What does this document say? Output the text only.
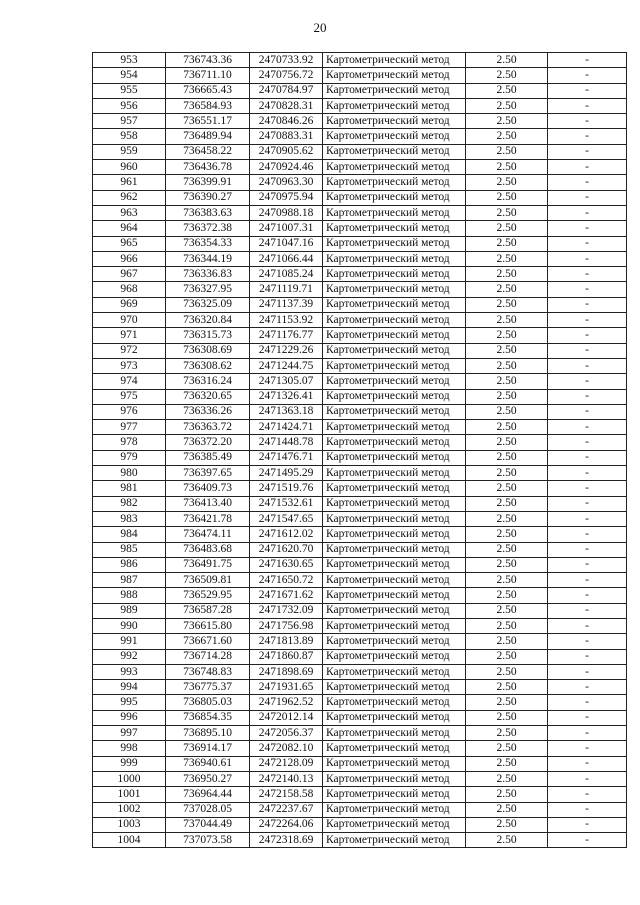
20
953	736743.36	2470733.92	Картометрический метод	2.50	-
954	736711.10	2470756.72	Картометрический метод	2.50	-
955	736665.43	2470784.97	Картометрический метод	2.50	-
956	736584.93	2470828.31	Картометрический метод	2.50	-
957	736551.17	2470846.26	Картометрический метод	2.50	-
958	736489.94	2470883.31	Картометрический метод	2.50	-
959	736458.22	2470905.62	Картометрический метод	2.50	-
960	736436.78	2470924.46	Картометрический метод	2.50	-
961	736399.91	2470963.30	Картометрический метод	2.50	-
962	736390.27	2470975.94	Картометрический метод	2.50	-
963	736383.63	2470988.18	Картометрический метод	2.50	-
964	736372.38	2471007.31	Картометрический метод	2.50	-
965	736354.33	2471047.16	Картометрический метод	2.50	-
966	736344.19	2471066.44	Картометрический метод	2.50	-
967	736336.83	2471085.24	Картометрический метод	2.50	-
968	736327.95	2471119.71	Картометрический метод	2.50	-
969	736325.09	2471137.39	Картометрический метод	2.50	-
970	736320.84	2471153.92	Картометрический метод	2.50	-
971	736315.73	2471176.77	Картометрический метод	2.50	-
972	736308.69	2471229.26	Картометрический метод	2.50	-
973	736308.62	2471244.75	Картометрический метод	2.50	-
974	736316.24	2471305.07	Картометрический метод	2.50	-
975	736320.65	2471326.41	Картометрический метод	2.50	-
976	736336.26	2471363.18	Картометрический метод	2.50	-
977	736363.72	2471424.71	Картометрический метод	2.50	-
978	736372.20	2471448.78	Картометрический метод	2.50	-
979	736385.49	2471476.71	Картометрический метод	2.50	-
980	736397.65	2471495.29	Картометрический метод	2.50	-
981	736409.73	2471519.76	Картометрический метод	2.50	-
982	736413.40	2471532.61	Картометрический метод	2.50	-
983	736421.78	2471547.65	Картометрический метод	2.50	-
984	736474.11	2471612.02	Картометрический метод	2.50	-
985	736483.68	2471620.70	Картометрический метод	2.50	-
986	736491.75	2471630.65	Картометрический метод	2.50	-
987	736509.81	2471650.72	Картометрический метод	2.50	-
988	736529.95	2471671.62	Картометрический метод	2.50	-
989	736587.28	2471732.09	Картометрический метод	2.50	-
990	736615.80	2471756.98	Картометрический метод	2.50	-
991	736671.60	2471813.89	Картометрический метод	2.50	-
992	736714.28	2471860.87	Картометрический метод	2.50	-
993	736748.83	2471898.69	Картометрический метод	2.50	-
994	736775.37	2471931.65	Картометрический метод	2.50	-
995	736805.03	2471962.52	Картометрический метод	2.50	-
996	736854.35	2472012.14	Картометрический метод	2.50	-
997	736895.10	2472056.37	Картометрический метод	2.50	-
998	736914.17	2472082.10	Картометрический метод	2.50	-
999	736940.61	2472128.09	Картометрический метод	2.50	-
1000	736950.27	2472140.13	Картометрический метод	2.50	-
1001	736964.44	2472158.58	Картометрический метод	2.50	-
1002	737028.05	2472237.67	Картометрический метод	2.50	-
1003	737044.49	2472264.06	Картометрический метод	2.50	-
1004	737073.58	2472318.69	Картометрический метод	2.50	-
